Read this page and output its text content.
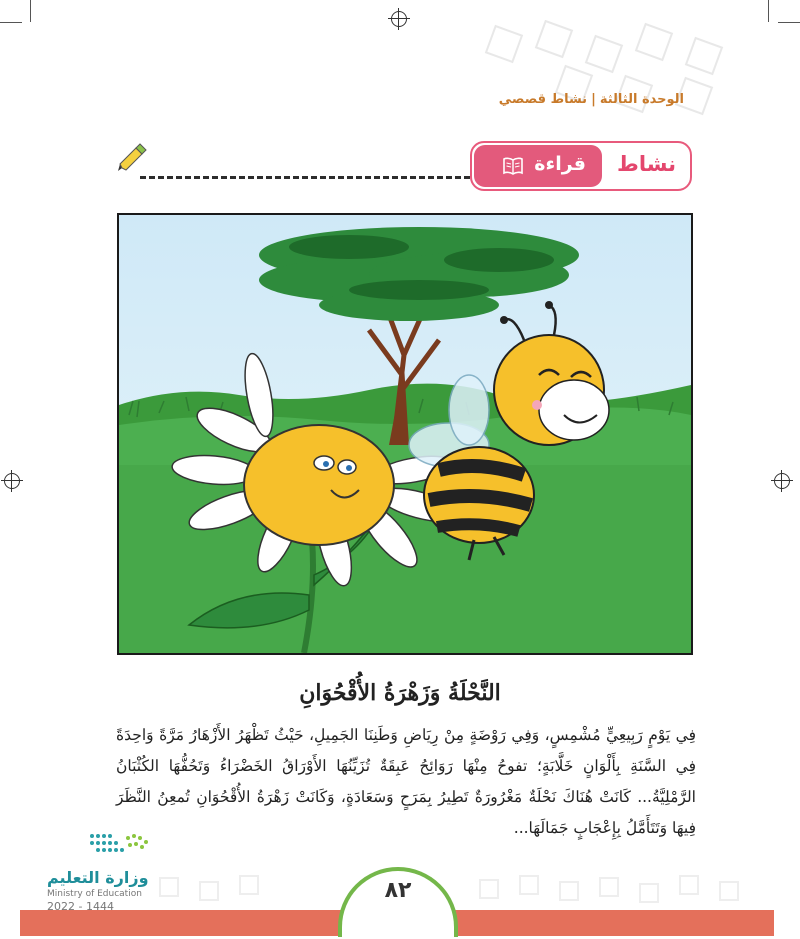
الوحدة الثالثة|نشاط قصصي
نشاط
قراءة
النَّحْلَةُ وَزَهْرَةُ الأُقْحُوَانِ
فِي يَوْمٍ رَبِيعِيٍّ مُشْمِسٍ، وَفِي رَوْضَةٍ مِنْ رِيَاضِ وَطَنِنَا الجَمِيلِ، حَيْثُ تَظْهَرُ الأَزْهَارُ مَرَّةً وَاحِدَةً فِي السَّنَةِ بِأَلْوَانٍ خَلَّابَةٍ؛ تفوحُ مِنْهَا رَوَائِحُ عَبِقَةٌ تُزَيِّنُهَا الأَوْرَاقُ الخَضْرَاءُ وَتَحُفُّهَا الكُثْبَانُ الرَّمْلِيَّةُ... كَانَتْ هُنَاكَ نَحْلَةٌ مَغْرُورَةٌ تَطِيرُ بِمَرَحٍ وَسَعَادَةٍ، وَكَانَتْ زَهْرَةُ الأُقْحُوَانِ تُمعِنُ النَّظَرَ فِيهَا وَتَتَأَمَّلُ بِإِعْجَابٍ جَمَالَهَا...
٨٢
وزارة التعليم
Ministry of Education
2022 - 1444
